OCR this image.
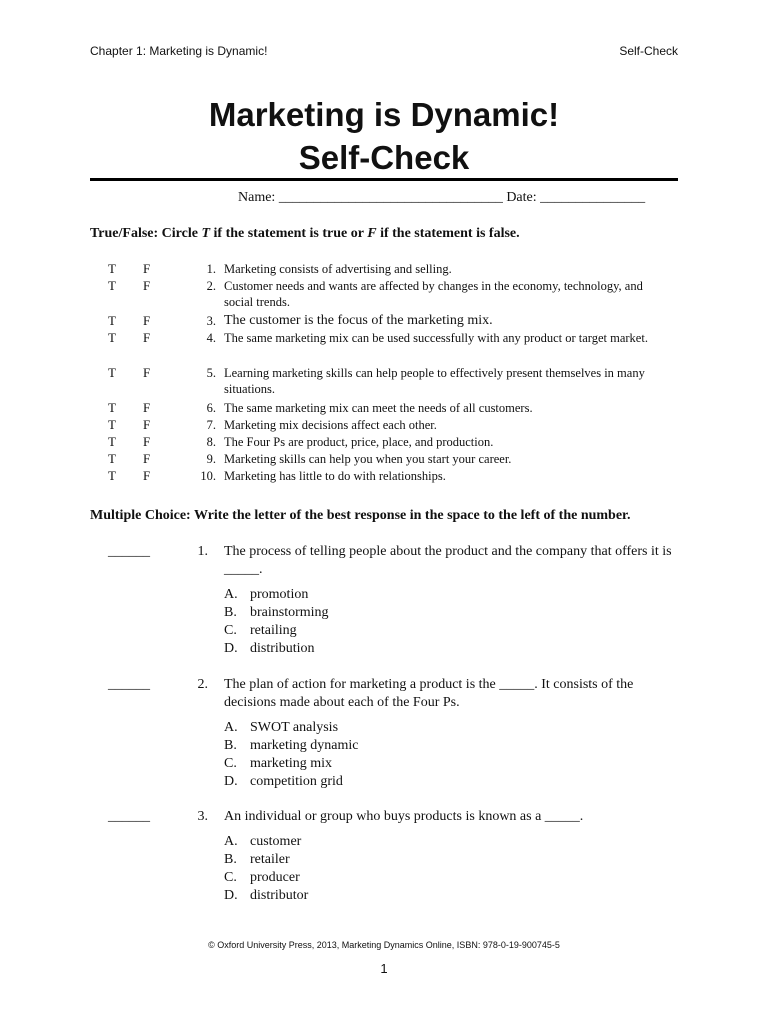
Chapter 1: Marketing is Dynamic!	Self-Check
Marketing is Dynamic!
Self-Check
Name: ________________________________ Date: _______________
True/False: Circle T if the statement is true or F if the statement is false.
T F	1. Marketing consists of advertising and selling.
T F	2. Customer needs and wants are affected by changes in the economy, technology, and social trends.
T F	3. The customer is the focus of the marketing mix.
T F	4. The same marketing mix can be used successfully with any product or target market.
T F	5. Learning marketing skills can help people to effectively present themselves in many situations.
T F	6. The same marketing mix can meet the needs of all customers.
T F	7. Marketing mix decisions affect each other.
T F	8. The Four Ps are product, price, place, and production.
T F	9. Marketing skills can help you when you start your career.
T F	10. Marketing has little to do with relationships.
Multiple Choice: Write the letter of the best response in the space to the left of the number.
______	1. The process of telling people about the product and the company that offers it is _____.
A. promotion
B. brainstorming
C. retailing
D. distribution
______	2. The plan of action for marketing a product is the _____. It consists of the decisions made about each of the Four Ps.
A. SWOT analysis
B. marketing dynamic
C. marketing mix
D. competition grid
______	3. An individual or group who buys products is known as a _____.
A. customer
B. retailer
C. producer
D. distributor
© Oxford University Press, 2013, Marketing Dynamics Online, ISBN: 978-0-19-900745-5
1
